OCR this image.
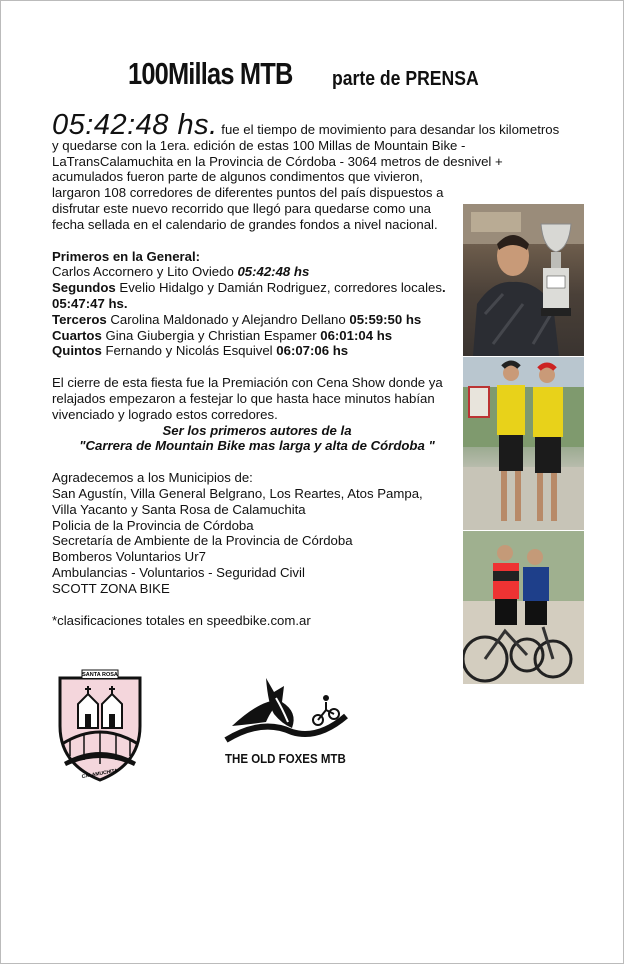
100Millas MTB parte de PRENSA

05:42:48 hs. fue el tiempo de movimiento para desandar los kilometros y quedarse con la 1era. edición de estas 100 Millas de Mountain Bike - LaTransCalamuchita en la Provincia de Córdoba - 3064 metros de desnivel + acumulados fueron parte de algunos condimentos que vivieron,

largaron 108 corredores de diferentes puntos del país dispuestos a disfrutar este nuevo recorrido que llegó para quedarse como una fecha sellada en el calendario de grandes fondos a nivel nacional.

Primeros en la General:

Carlos Accornero y Lito Oviedo 05:42:48 hs

Segundos Evelio Hidalgo y Damián Rodriguez, corredores locales. 05:47:47 hs.

Terceros Carolina Maldonado y Alejandro Dellano 05:59:50 hs

Cuartos Gina Giubergia y Christian Espamer 06:01:04 hs

Quintos Fernando y Nicolás Esquivel 06:07:06 hs

El cierre de esta fiesta fue la Premiación con Cena Show donde ya relajados empezaron a festejar lo que hasta hace minutos habían vivenciado y logrado estos corredores.

Ser los primeros autores de la

"Carrera de Mountain Bike mas larga y alta de Córdoba "

Agradecemos a los Municipios de:

San Agustín, Villa General Belgrano, Los Reartes, Atos Pampa,

Villa Yacanto y Santa Rosa de Calamuchita

Policia de la Provincia de Córdoba

Secretaría de Ambiente de la Provincia de Córdoba

Bomberos Voluntarios Ur7

Ambulancias - Voluntarios - Seguridad Civil

SCOTT ZONA BIKE

*clasificaciones totales en speedbike.com.ar

SANTA ROSA
CALAMUCHITA
THE OLD FOXES MTB
